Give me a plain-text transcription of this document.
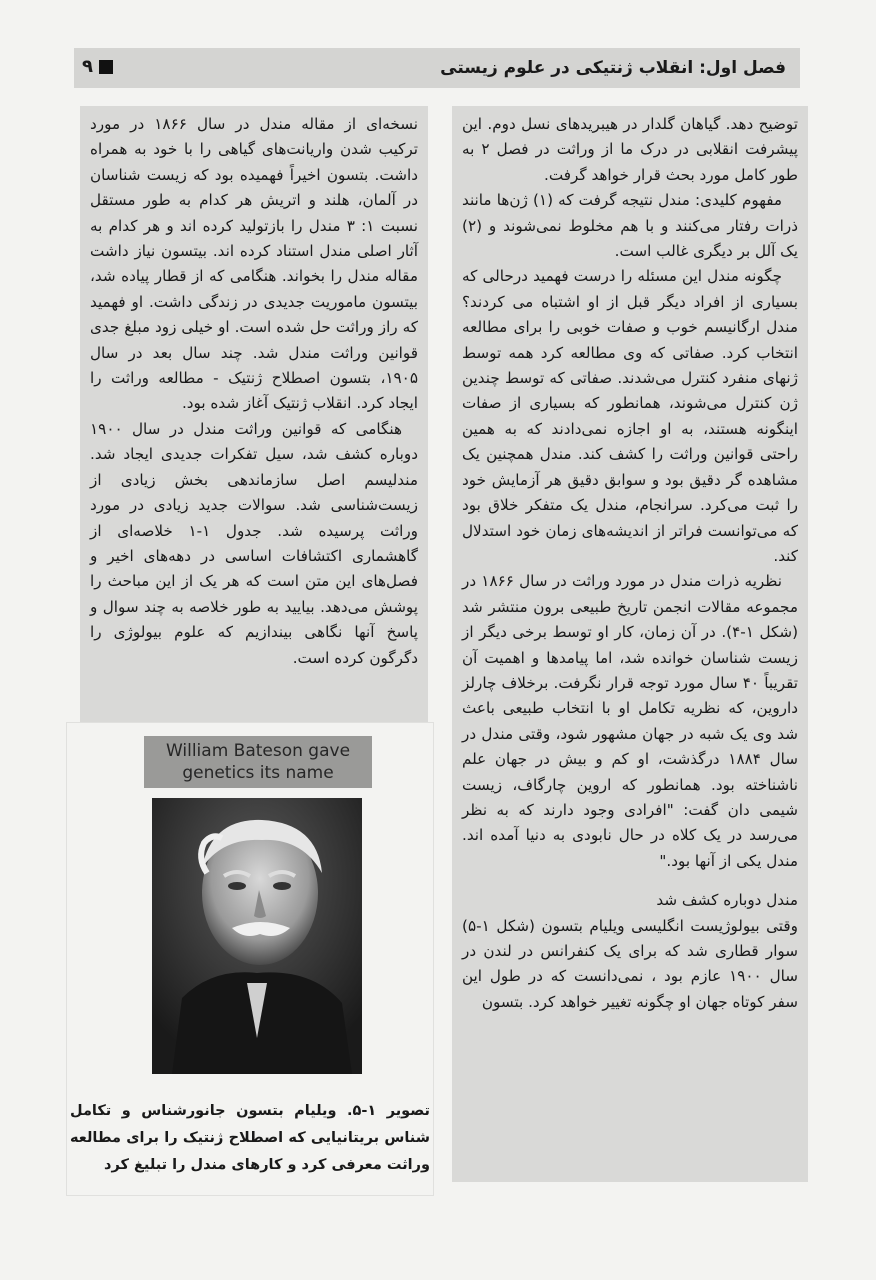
۹	فصل اول: انقلاب ژنتیکی در علوم زیستی

توضیح دهد. گیاهان گلدار در هیبریدهای نسل دوم. این پیشرفت انقلابی در درک ما از وراثت در فصل ۲ به طور کامل مورد بحث قرار خواهد گرفت.

مفهوم کلیدی: مندل نتیجه گرفت که (۱) ژن‌ها مانند ذرات رفتار می‌کنند و با هم مخلوط نمی‌شوند و (۲) یک آلل بر دیگری غالب است.

چگونه مندل این مسئله را درست فهمید درحالی که بسیاری از افراد دیگر قبل از او اشتباه می کردند؟ مندل ارگانیسم خوب و صفات خوبی را برای مطالعه انتخاب کرد. صفاتی که وی مطالعه کرد همه توسط ژنهای منفرد کنترل می‌شدند. صفاتی که توسط چندین ژن کنترل می‌شوند، همانطور که بسیاری از صفات اینگونه هستند، به او اجازه نمی‌دادند که به همین راحتی قوانین وراثت را کشف کند. مندل همچنین یک مشاهده گر دقیق بود و سوابق دقیق هر آزمایش خود را ثبت می‌کرد. سرانجام، مندل یک متفکر خلاق بود که می‌توانست فراتر از اندیشه‌های زمان خود استدلال کند.

نظریه ذرات مندل در مورد وراثت در سال ۱۸۶۶ در مجموعه مقالات انجمن تاریخ طبیعی برون منتشر شد (شکل ۱-۴). در آن زمان، کار او توسط برخی دیگر از زیست شناسان خوانده شد، اما پیامدها و اهمیت آن تقریباً ۴۰ سال مورد توجه قرار نگرفت. برخلاف چارلز داروین، که نظریه تکامل او با انتخاب طبیعی باعث شد وی یک شبه در جهان مشهور شود، وقتی مندل در سال ۱۸۸۴ درگذشت، او کم و بیش در جهان علم ناشناخته بود. همانطور که اروین چارگاف، زیست شیمی دان گفت: "افرادی وجود دارند که به نظر می‌رسد در یک کلاه در حال نابودی به دنیا آمده اند. مندل یکی از آنها بود."

مندل دوباره کشف شد

وقتی بیولوژیست انگلیسی ویلیام بتسون (شکل ۱-۵) سوار قطاری شد که برای یک کنفرانس در لندن در سال ۱۹۰۰ عازم بود ، نمی‌دانست که در طول این سفر کوتاه جهان او چگونه تغییر خواهد کرد. بتسون

نسخه‌ای از مقاله مندل در سال ۱۸۶۶ در مورد ترکیب شدن واریانت‌های گیاهی را با خود به همراه داشت. بتسون اخیراً فهمیده بود که زیست شناسان در آلمان، هلند و اتریش هر کدام به طور مستقل نسبت ۱: ۳ مندل را بازتولید کرده اند و هر کدام به آثار اصلی مندل استناد کرده اند. بیتسون نیاز داشت مقاله مندل را بخواند. هنگامی که از قطار پیاده شد، بیتسون ماموریت جدیدی در زندگی داشت. او فهمید که راز وراثت حل شده است. او خیلی زود مبلغ جدی قوانین وراثت مندل شد. چند سال بعد در سال ۱۹۰۵، بتسون اصطلاح ژنتیک - مطالعه وراثت را ایجاد کرد. انقلاب ژنتیک آغاز شده بود.

هنگامی که قوانین وراثت مندل در سال ۱۹۰۰ دوباره کشف شد، سیل تفکرات جدیدی ایجاد شد. مندلیسم اصل سازماندهی بخش زیادی از زیست‌شناسی شد. سوالات جدید زیادی در مورد وراثت پرسیده شد. جدول ۱-۱ خلاصه‌ای از گاهشماری اکتشافات اساسی در دهه‌های اخیر و فصل‌های این متن است که هر یک از این مباحث را پوشش می‌دهد. بیایید به طور خلاصه به چند سوال و پاسخ آنها نگاهی بیندازیم که علوم بیولوژی را دگرگون کرده است.

William Bateson gave genetics its name
تصویر ۱-۵. ویلیام بتسون جانورشناس و تکامل شناس بریتانیایی که اصطلاح ژنتیک را برای مطالعه وراثت معرفی کرد و کارهای مندل را تبلیغ کرد
